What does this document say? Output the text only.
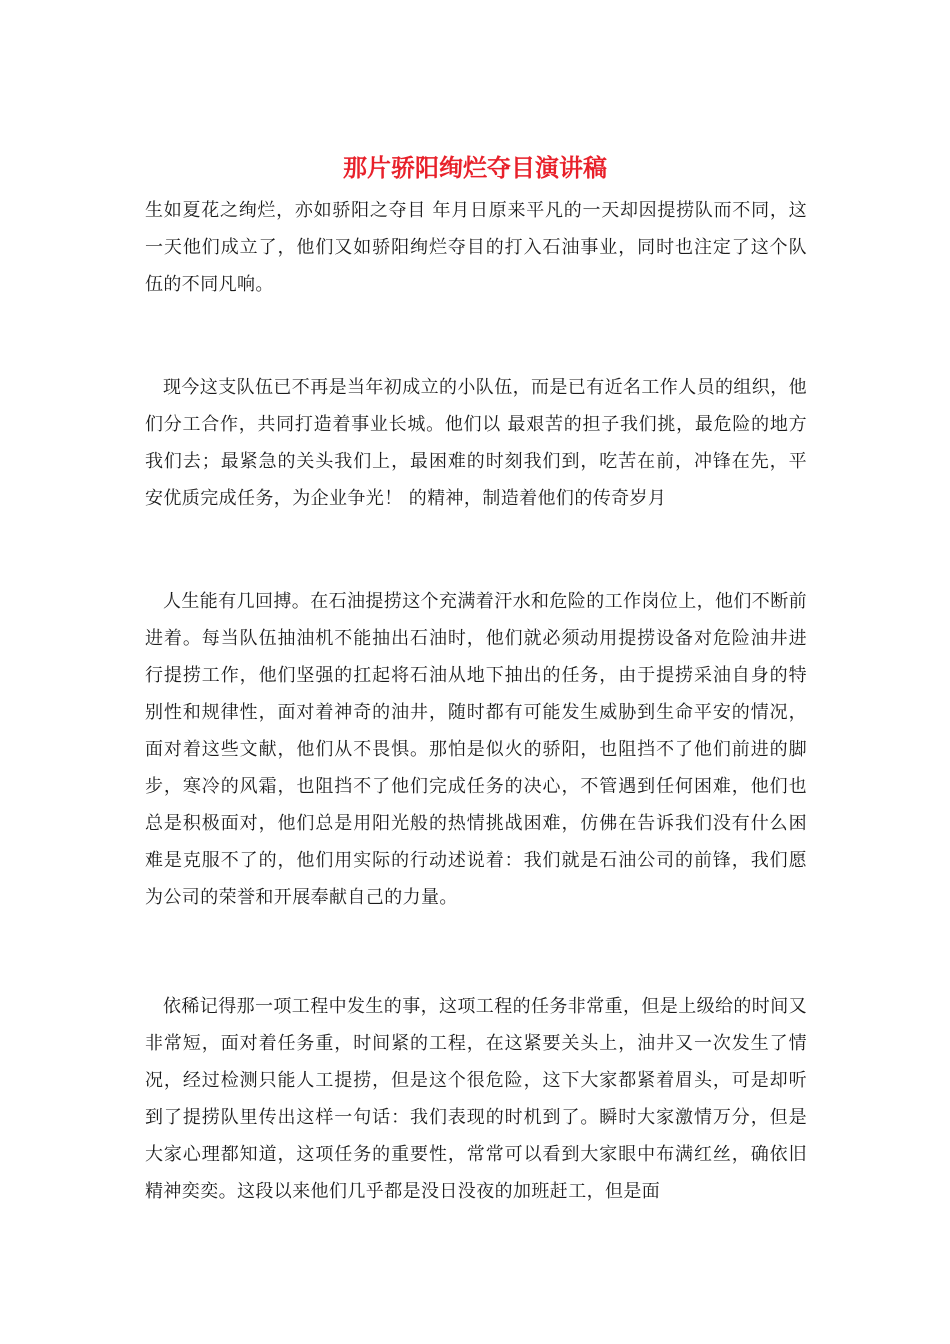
那片骄阳绚烂夺目演讲稿

生如夏花之绚烂，亦如骄阳之夺目 年月日原来平凡的一天却因提捞队而不同，这一天他们成立了，他们又如骄阳绚烂夺目的打入石油事业，同时也注定了这个队伍的不同凡响。

现今这支队伍已不再是当年初成立的小队伍，而是已有近名工作人员的组织，他们分工合作，共同打造着事业长城。他们以 最艰苦的担子我们挑，最危险的地方我们去；最紧急的关头我们上，最困难的时刻我们到，吃苦在前，冲锋在先，平安优质完成任务，为企业争光！ 的精神，制造着他们的传奇岁月

人生能有几回搏。在石油提捞这个充满着汗水和危险的工作岗位上，他们不断前进着。每当队伍抽油机不能抽出石油时，他们就必须动用提捞设备对危险油井进行提捞工作，他们坚强的扛起将石油从地下抽出的任务，由于提捞采油自身的特别性和规律性，面对着神奇的油井，随时都有可能发生威胁到生命平安的情况，面对着这些文献，他们从不畏惧。那怕是似火的骄阳，也阻挡不了他们前进的脚步，寒冷的风霜，也阻挡不了他们完成任务的决心，不管遇到任何困难，他们也总是积极面对，他们总是用阳光般的热情挑战困难，仿佛在告诉我们没有什么困难是克服不了的，他们用实际的行动述说着：我们就是石油公司的前锋，我们愿为公司的荣誉和开展奉献自己的力量。

依稀记得那一项工程中发生的事，这项工程的任务非常重，但是上级给的时间又非常短，面对着任务重，时间紧的工程，在这紧要关头上，油井又一次发生了情况，经过检测只能人工提捞，但是这个很危险，这下大家都紧着眉头，可是却听到了提捞队里传出这样一句话：我们表现的时机到了。瞬时大家激情万分，但是大家心理都知道，这项任务的重要性，常常可以看到大家眼中布满红丝，确依旧精神奕奕。这段以来他们几乎都是没日没夜的加班赶工，但是面
